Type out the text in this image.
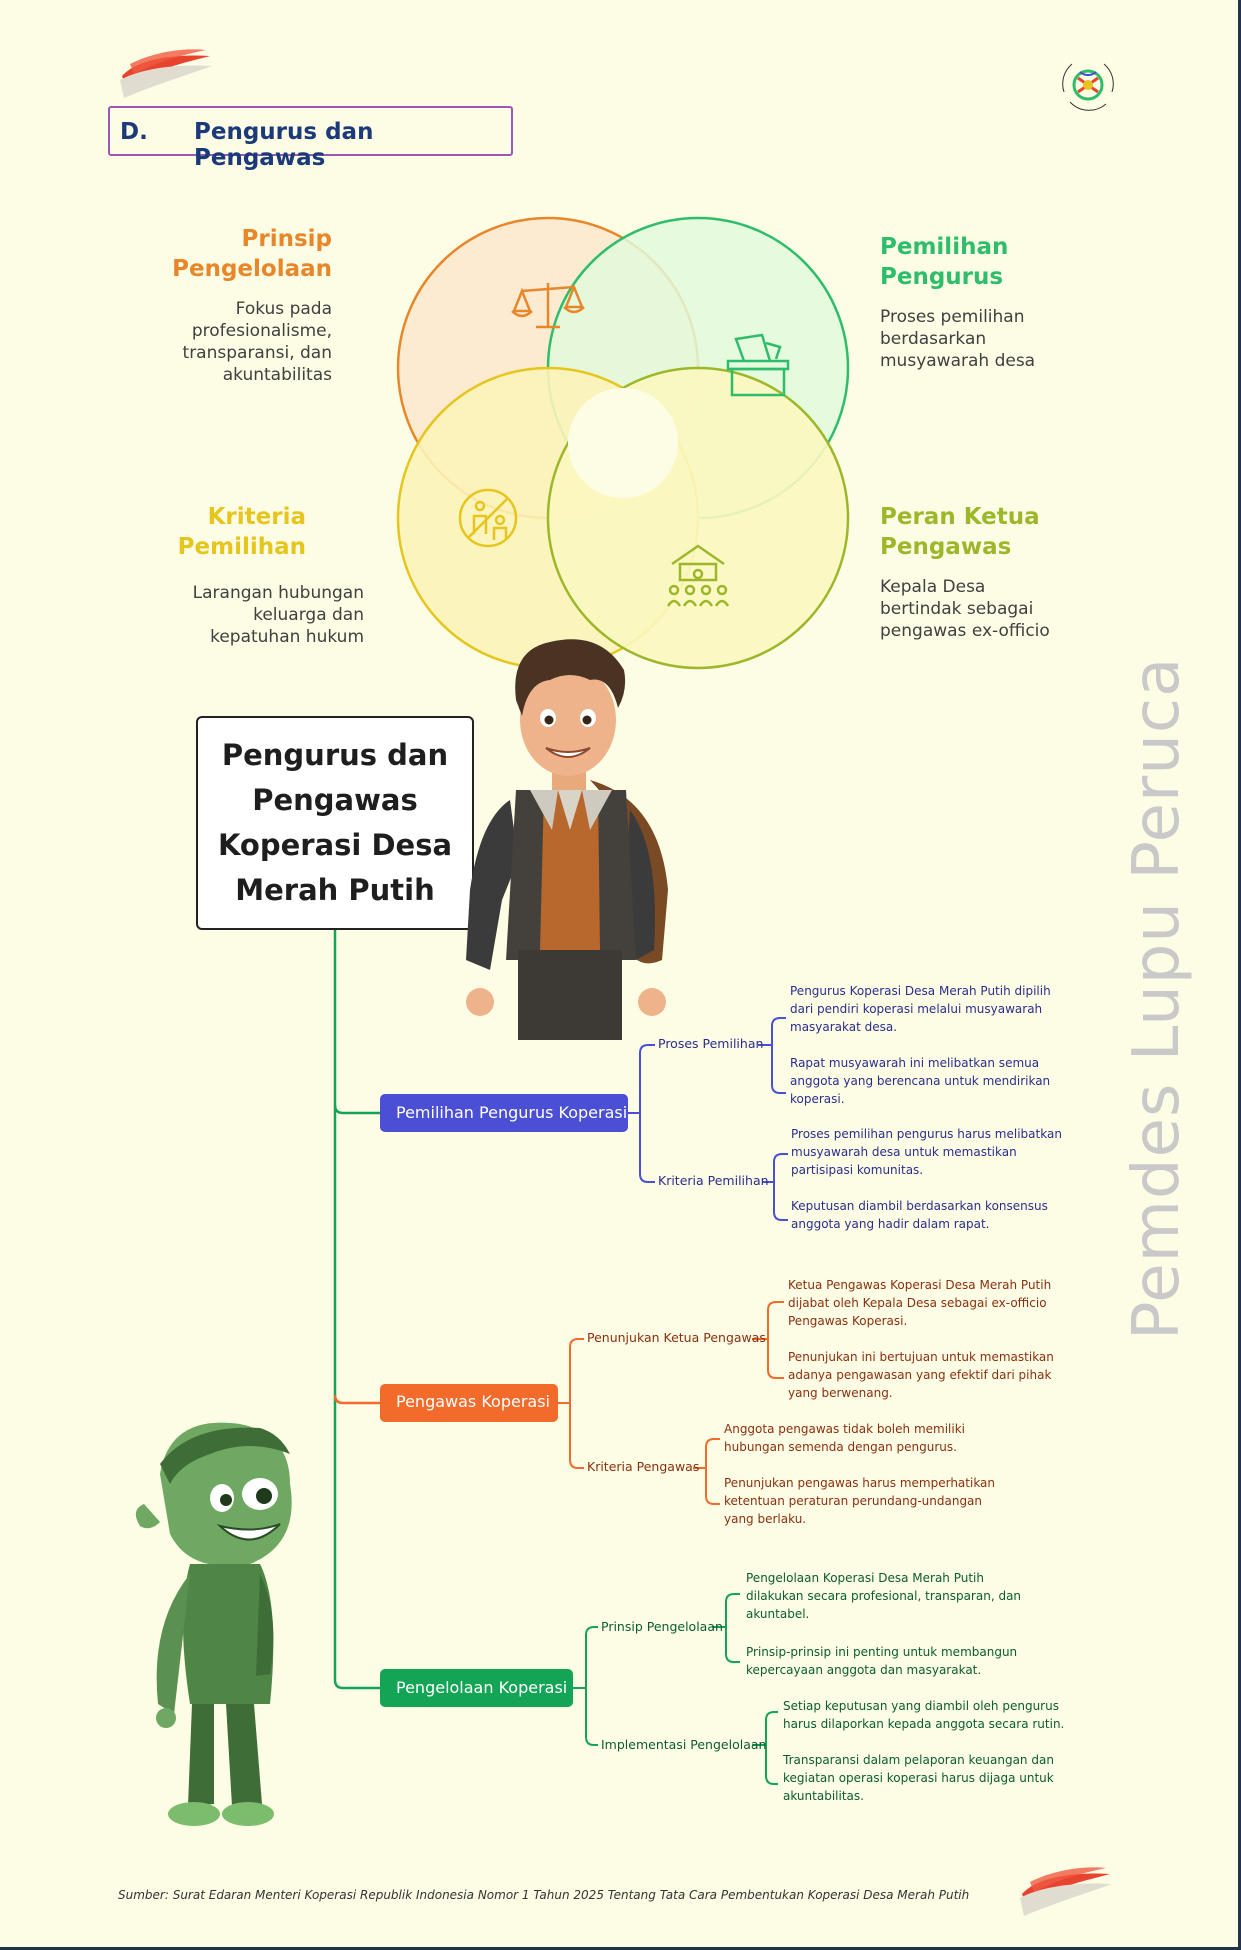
D. Pengurus dan Pengawas
Prinsip
Pengelolaan
Fokus pada
profesionalisme,
transparansi, dan
akuntabilitas
Pemilihan
Pengurus
Proses pemilihan
berdasarkan
musyawarah desa
Kriteria
Pemilihan
Larangan hubungan
keluarga dan
kepatuhan hukum
Peran Ketua
Pengawas
Kepala Desa
bertindak sebagai
pengawas ex-officio
Pemdes Lupu Peruca
Pengurus dan
Pengawas
Koperasi Desa
Merah Putih
Pemilihan Pengurus Koperasi
Pengawas Koperasi
Pengelolaan Koperasi
Proses Pemilihan
Kriteria Pemilihan
Penunjukan Ketua Pengawas
Kriteria Pengawas
Prinsip Pengelolaan
Implementasi Pengelolaan
Pengurus Koperasi Desa Merah Putih dipilih
dari pendiri koperasi melalui musyawarah
masyarakat desa.
Rapat musyawarah ini melibatkan semua
anggota yang berencana untuk mendirikan
koperasi.
Proses pemilihan pengurus harus melibatkan
musyawarah desa untuk memastikan
partisipasi komunitas.
Keputusan diambil berdasarkan konsensus
anggota yang hadir dalam rapat.
Ketua Pengawas Koperasi Desa Merah Putih
dijabat oleh Kepala Desa sebagai ex-officio
Pengawas Koperasi.
Penunjukan ini bertujuan untuk memastikan
adanya pengawasan yang efektif dari pihak
yang berwenang.
Anggota pengawas tidak boleh memiliki
hubungan semenda dengan pengurus.
Penunjukan pengawas harus memperhatikan
ketentuan peraturan perundang-undangan
yang berlaku.
Pengelolaan Koperasi Desa Merah Putih
dilakukan secara profesional, transparan, dan
akuntabel.
Prinsip-prinsip ini penting untuk membangun
kepercayaan anggota dan masyarakat.
Setiap keputusan yang diambil oleh pengurus
harus dilaporkan kepada anggota secara rutin.
Transparansi dalam pelaporan keuangan dan
kegiatan operasi koperasi harus dijaga untuk
akuntabilitas.
Sumber: Surat Edaran Menteri Koperasi Republik Indonesia Nomor 1 Tahun 2025 Tentang Tata Cara Pembentukan Koperasi Desa Merah Putih
